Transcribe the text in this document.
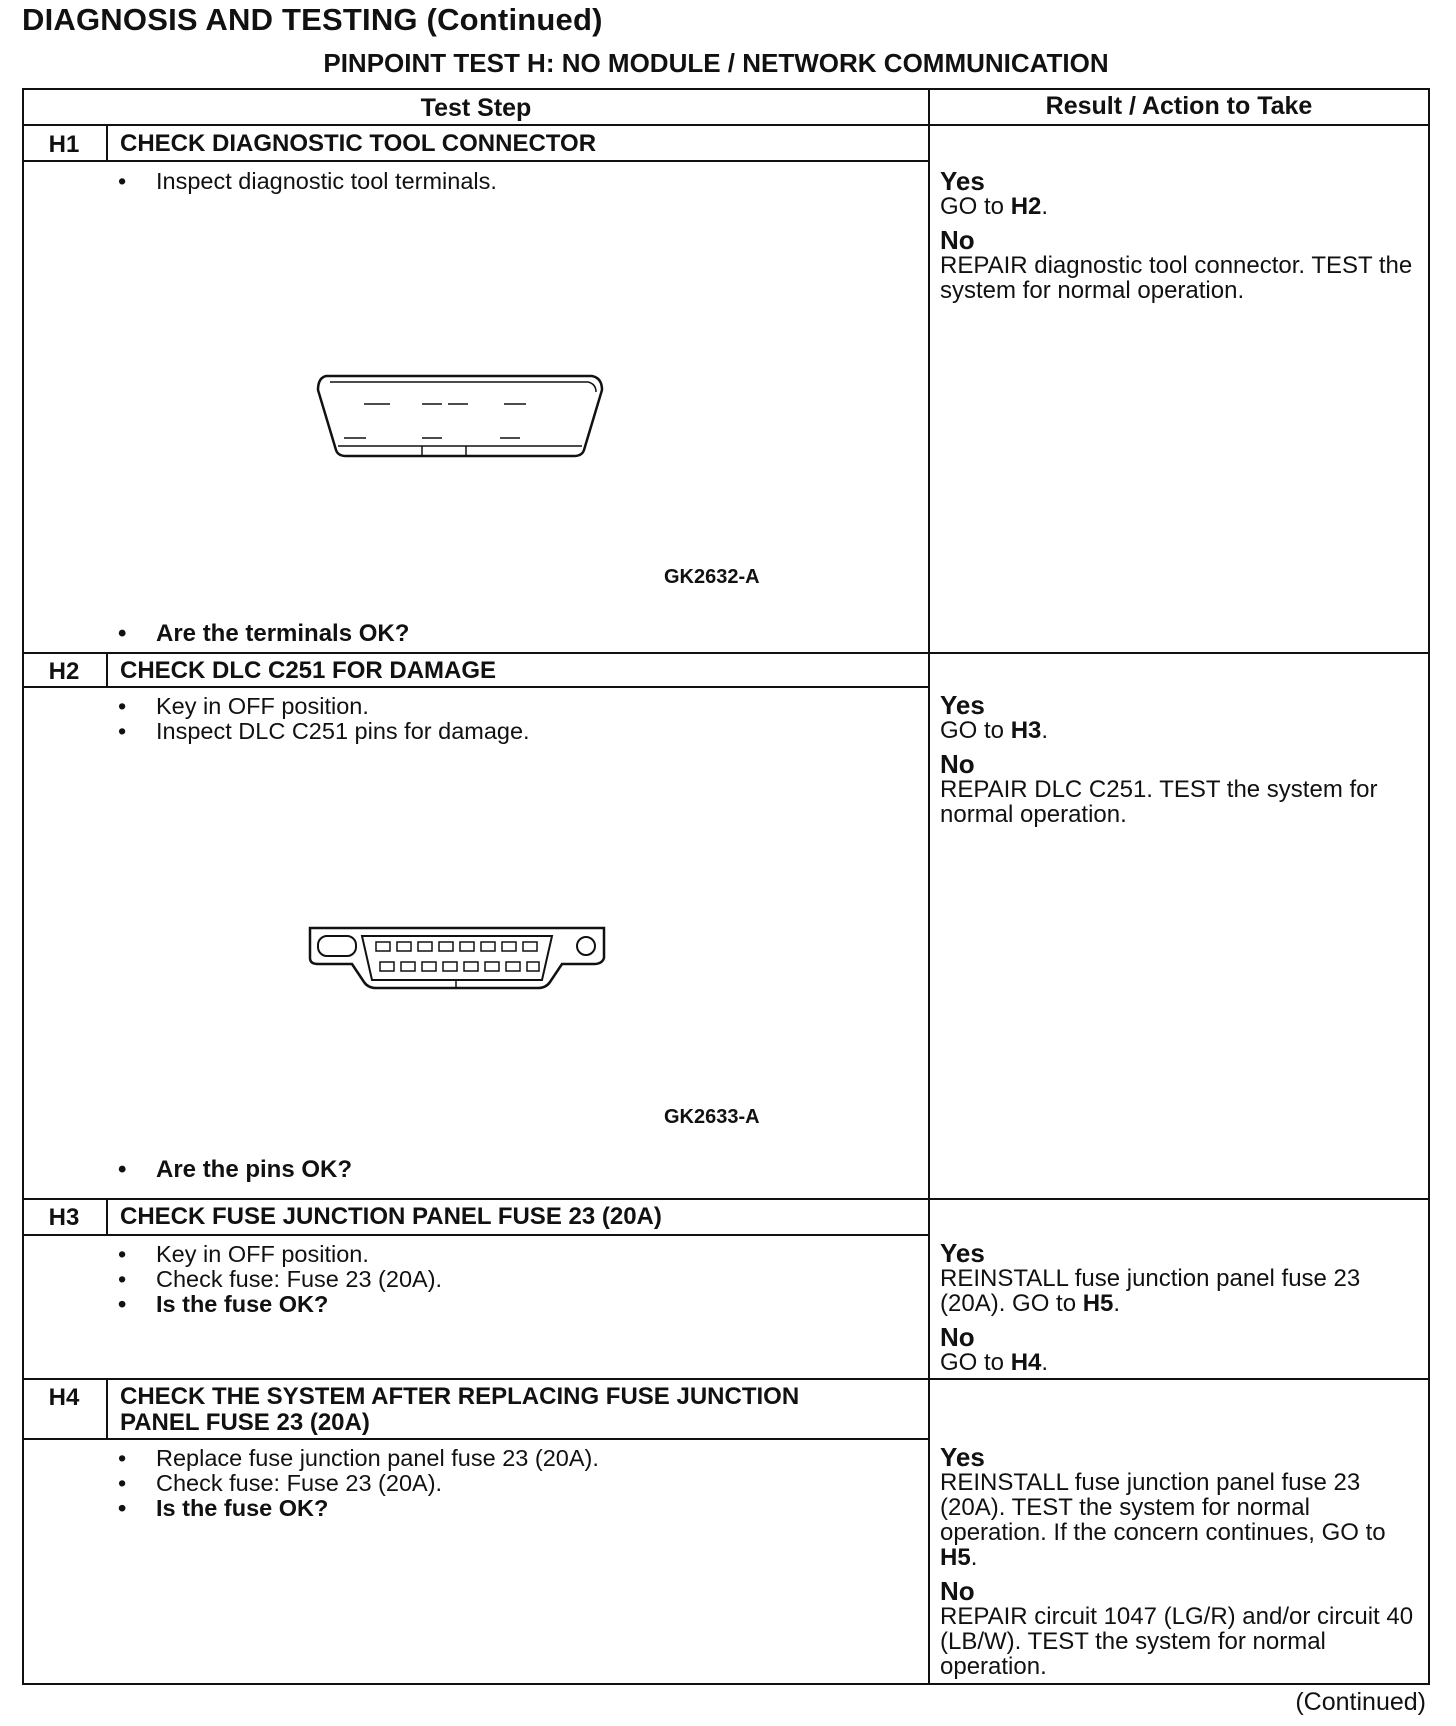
DIAGNOSIS AND TESTING (Continued)
PINPOINT TEST H: NO MODULE / NETWORK COMMUNICATION
Test Step	Result / Action to Take
H1	CHECK DIAGNOSTIC TOOL CONNECTOR
• Inspect diagnostic tool terminals.
GK2632-A
• Are the terminals OK?
Yes
GO to H2.
No
REPAIR diagnostic tool connector. TEST the system for normal operation.
H2	CHECK DLC C251 FOR DAMAGE
• Key in OFF position.
• Inspect DLC C251 pins for damage.
GK2633-A
• Are the pins OK?
Yes
GO to H3.
No
REPAIR DLC C251. TEST the system for normal operation.
H3	CHECK FUSE JUNCTION PANEL FUSE 23 (20A)
• Key in OFF position.
• Check fuse: Fuse 23 (20A).
• Is the fuse OK?
Yes
REINSTALL fuse junction panel fuse 23 (20A). GO to H5.
No
GO to H4.
H4	CHECK THE SYSTEM AFTER REPLACING FUSE JUNCTION
PANEL FUSE 23 (20A)
• Replace fuse junction panel fuse 23 (20A).
• Check fuse: Fuse 23 (20A).
• Is the fuse OK?
Yes
REINSTALL fuse junction panel fuse 23 (20A). TEST the system for normal operation. If the concern continues, GO to H5.
No
REPAIR circuit 1047 (LG/R) and/or circuit 40 (LB/W). TEST the system for normal operation.
(Continued)
